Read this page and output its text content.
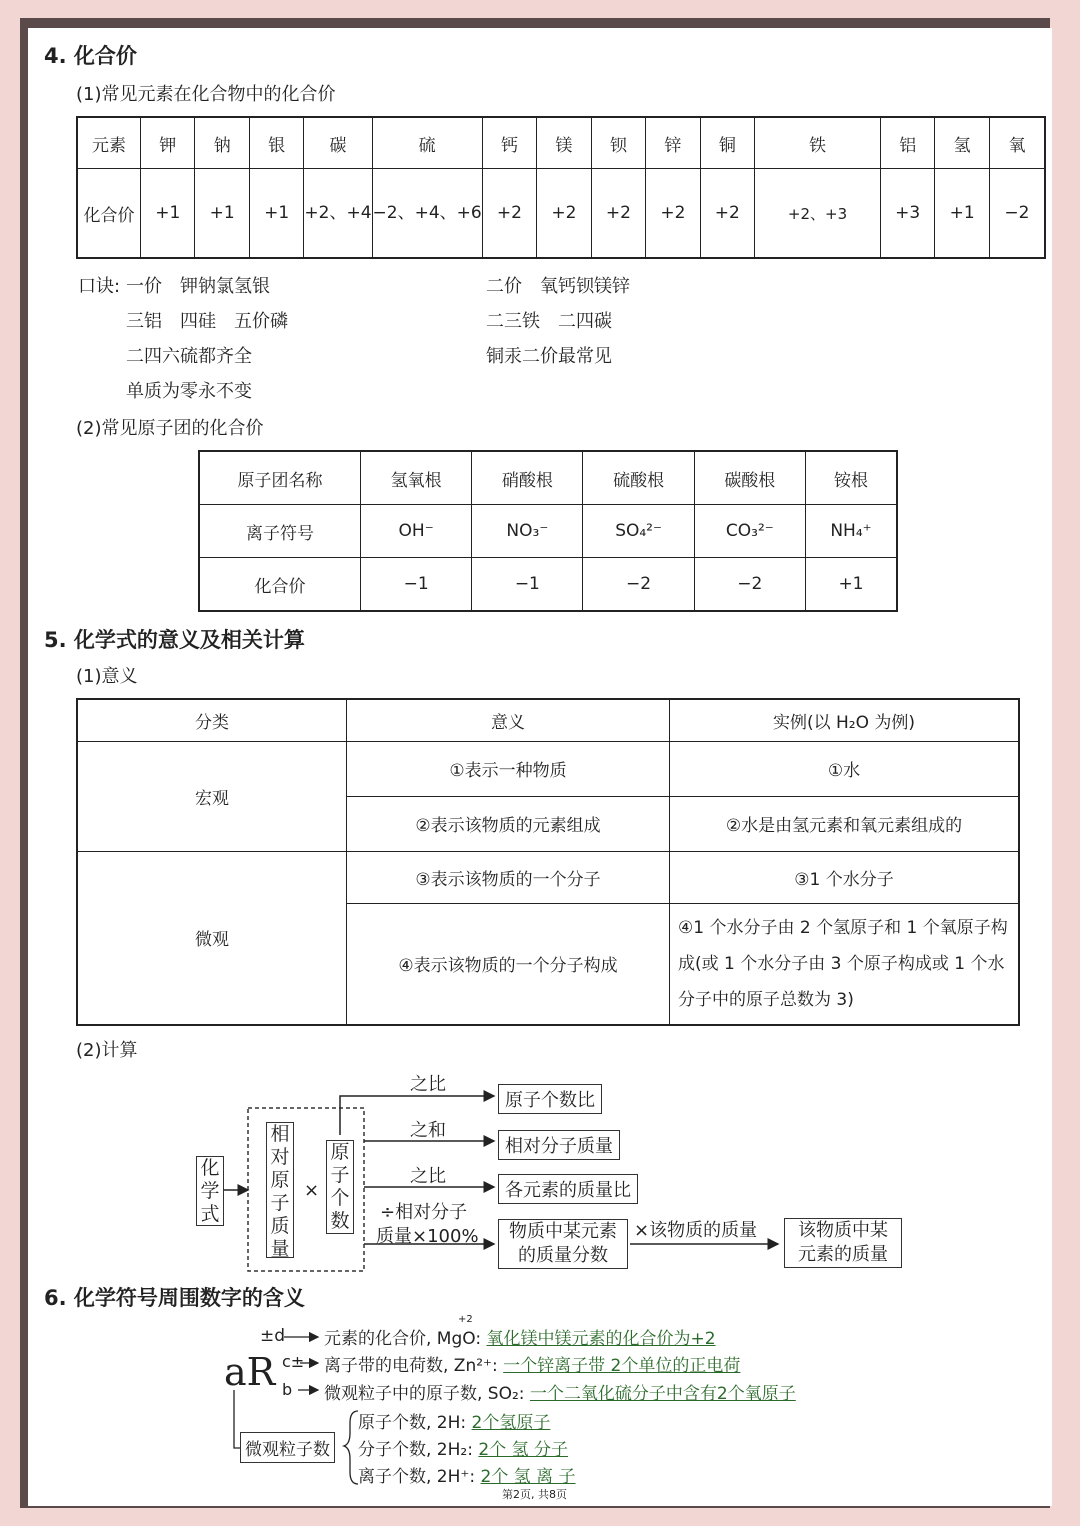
4. 化合价
(1)常见元素在化合物中的化合价
元素	钾	钠	银	碳	硫	钙	镁	钡	锌	铜	铁	铝	氢	氧
化合价	+1	+1	+1	+2、+4	−2、+4、+6	+2	+2	+2	+2	+2	+2、+3	+3	+1	−2
口诀: 一价　钾钠氯氢银
三铝　四硅　五价磷
二四六硫都齐全
单质为零永不变
二价　氧钙钡镁锌
二三铁　二四碳
铜汞二价最常见
(2)常见原子团的化合价
原子团名称	氢氧根	硝酸根	硫酸根	碳酸根	铵根
离子符号	OH⁻	NO₃⁻	SO₄²⁻	CO₃²⁻	NH₄⁺
化合价	−1	−1	−2	−2	+1
5. 化学式的意义及相关计算
(1)意义
分类	意义	实例(以 H₂O 为例)
宏观	①表示一种物质	①水
	②表示该物质的元素组成	②水是由氢元素和氧元素组成的
微观	③表示该物质的一个分子	③1 个水分子
	④表示该物质的一个分子构成	④1 个水分子由 2 个氢原子和 1 个氧原子构成(或 1 个水分子由 3 个原子构成或 1 个水分子中的原子总数为 3)
(2)计算
化学式
相对原子质量
×
原子个数
之比
之和
之比
÷相对分子
质量×100%
原子个数比
相对分子质量
各元素的质量比
物质中某元素
的质量分数
×该物质的质量	该物质中某
元素的质量
6. 化学符号周围数字的含义
aR
±d
c±
b
元素的化合价, MgO: 氧化镁中镁元素的化合价为+2
+2
离子带的电荷数, Zn²⁺: 一个锌离子带 2个单位的正电荷
微观粒子中的原子数, SO₂: 一个二氧化硫分子中含有2个氧原子
微观粒子数
原子个数, 2H: 2个氢原子
分子个数, 2H₂: 2个 氢 分子
离子个数, 2H⁺: 2个 氢 离 子
第2页, 共8页
